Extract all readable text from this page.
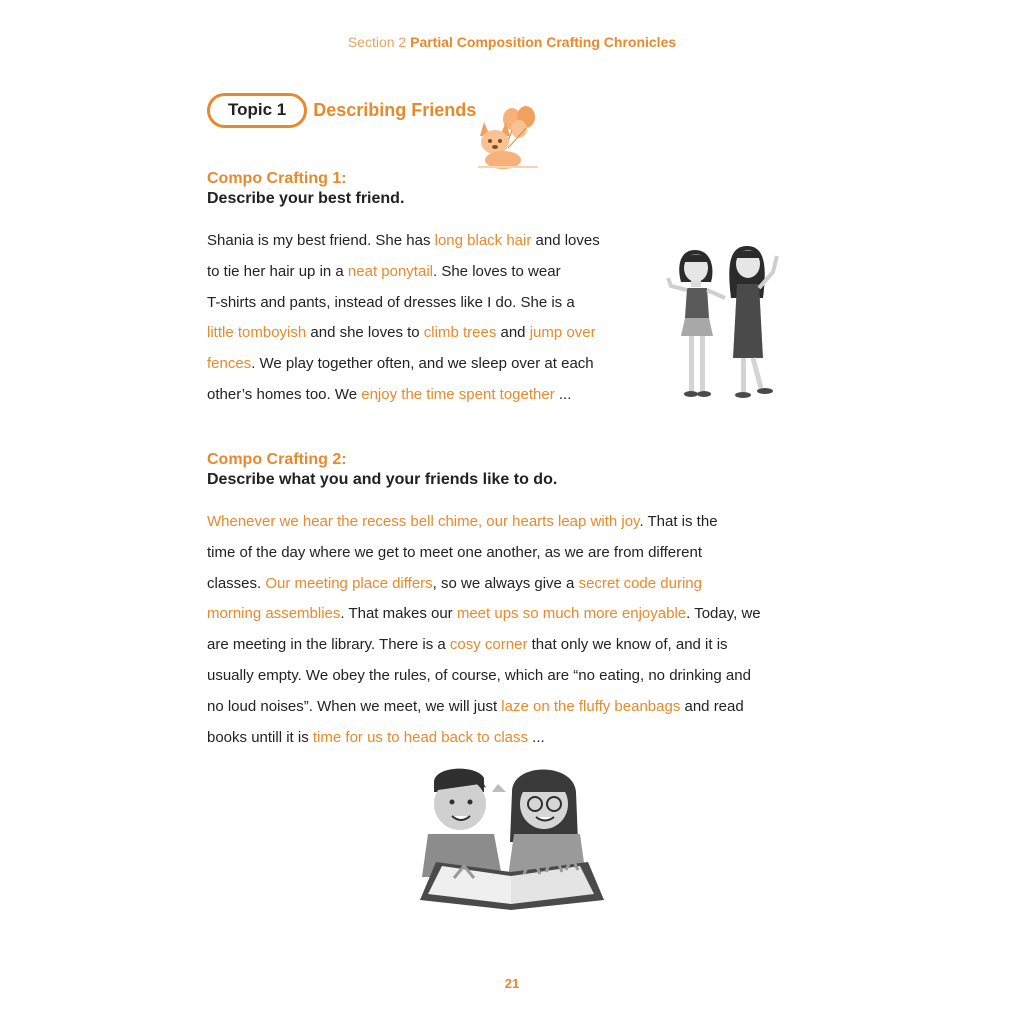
Section 2 Partial Composition Crafting Chronicles
Topic 1	Describing Friends
Compo Crafting 1:
Describe your best friend.
Shania is my best friend. She has long black hair and loves
to tie her hair up in a neat ponytail. She loves to wear
T-shirts and pants, instead of dresses like I do. She is a
little tomboyish and she loves to climb trees and jump over
fences. We play together often, and we sleep over at each
other’s homes too. We enjoy the time spent together ...
Compo Crafting 2:
Describe what you and your friends like to do.
Whenever we hear the recess bell chime, our hearts leap with joy. That is the
time of the day where we get to meet one another, as we are from different
classes. Our meeting place differs, so we always give a secret code during
morning assemblies. That makes our meet ups so much more enjoyable. Today, we
are meeting in the library. There is a cosy corner that only we know of, and it is
usually empty. We obey the rules, of course, which are “no eating, no drinking and
no loud noises”. When we meet, we will just laze on the fluffy beanbags and read
books untill it is time for us to head back to class ...
21
